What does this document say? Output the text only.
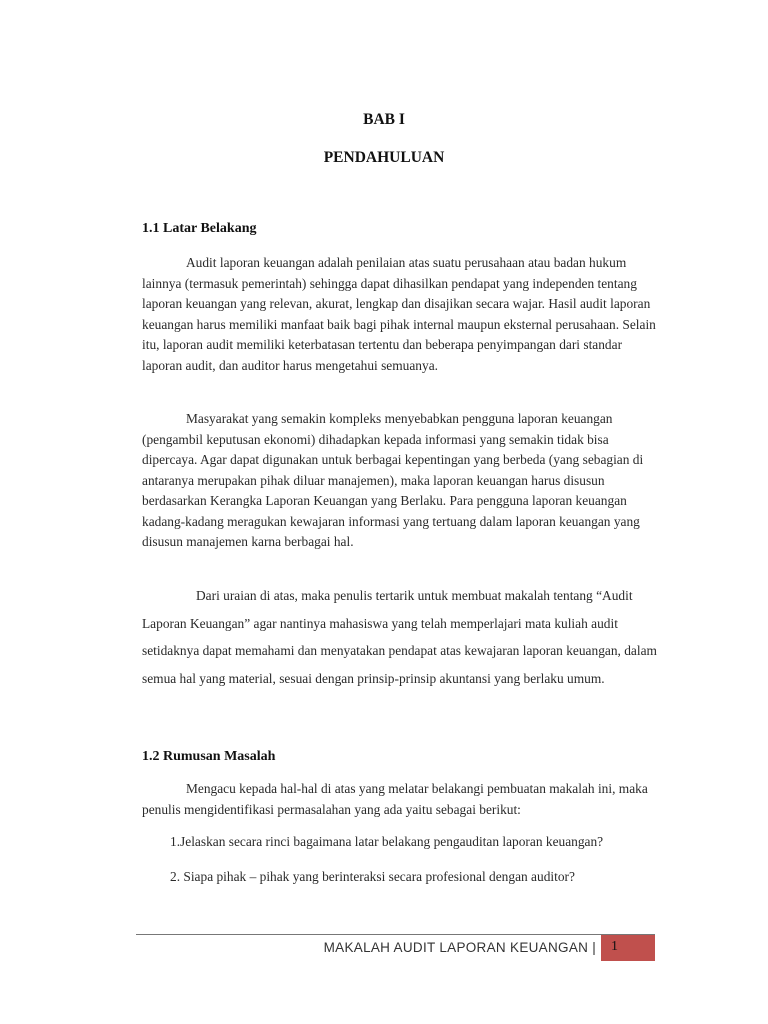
BAB I
PENDAHULUAN
1.1 Latar Belakang

Audit laporan keuangan adalah penilaian atas suatu perusahaan atau badan hukum lainnya (termasuk pemerintah) sehingga dapat dihasilkan pendapat yang independen tentang laporan keuangan yang relevan, akurat, lengkap dan disajikan secara wajar. Hasil audit laporan keuangan harus memiliki manfaat baik bagi pihak internal maupun eksternal perusahaan. Selain itu, laporan audit memiliki keterbatasan tertentu dan beberapa penyimpangan dari standar laporan audit, dan auditor harus mengetahui semuanya.

Masyarakat yang semakin kompleks menyebabkan pengguna laporan keuangan (pengambil keputusan ekonomi) dihadapkan kepada informasi yang semakin tidak bisa dipercaya. Agar dapat digunakan untuk berbagai kepentingan yang berbeda (yang sebagian di antaranya merupakan pihak diluar manajemen), maka laporan keuangan harus disusun berdasarkan Kerangka Laporan Keuangan yang Berlaku. Para pengguna laporan keuangan kadang-kadang meragukan kewajaran informasi yang tertuang dalam laporan keuangan yang disusun manajemen karna berbagai hal.

Dari uraian di atas, maka penulis tertarik untuk membuat makalah tentang “Audit Laporan Keuangan” agar nantinya mahasiswa yang telah memperlajari mata kuliah audit setidaknya dapat memahami dan menyatakan pendapat atas kewajaran laporan keuangan, dalam semua hal yang material, sesuai dengan prinsip-prinsip akuntansi yang berlaku umum.

1.2 Rumusan Masalah

Mengacu kepada hal-hal di atas yang melatar belakangi pembuatan makalah ini, maka penulis mengidentifikasi permasalahan yang ada yaitu sebagai berikut:

1.Jelaskan secara rinci bagaimana latar belakang pengauditan laporan keuangan?
2. Siapa pihak – pihak yang berinteraksi secara profesional dengan auditor?
MAKALAH AUDIT LAPORAN KEUANGAN | 1
